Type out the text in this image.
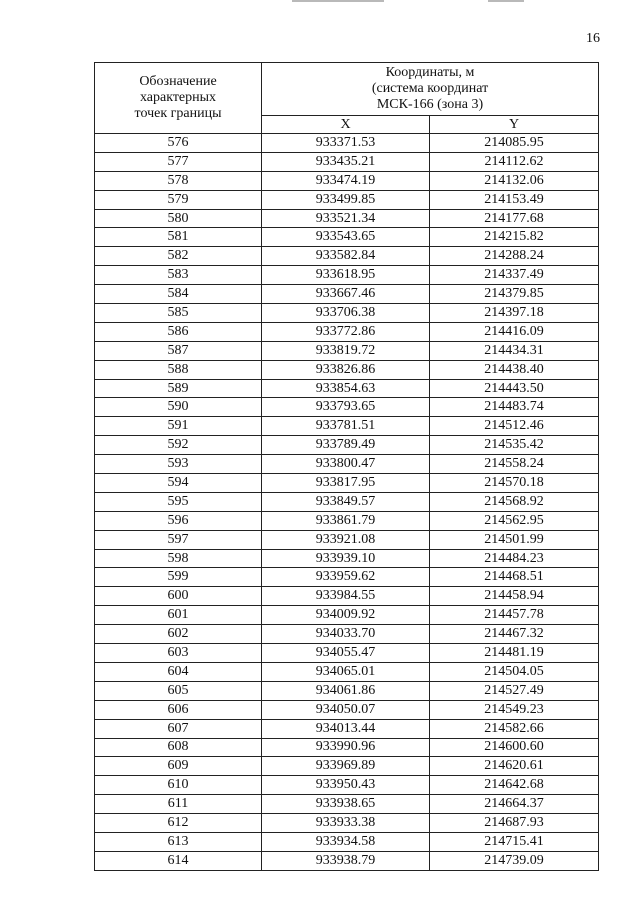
16
Обозначение
характерных
точек границы	Координаты, м
(система координат
МСК-166 (зона 3)	

	X	Y
576	933371.53	214085.95
577	933435.21	214112.62
578	933474.19	214132.06
579	933499.85	214153.49
580	933521.34	214177.68
581	933543.65	214215.82
582	933582.84	214288.24
583	933618.95	214337.49
584	933667.46	214379.85
585	933706.38	214397.18
586	933772.86	214416.09
587	933819.72	214434.31
588	933826.86	214438.40
589	933854.63	214443.50
590	933793.65	214483.74
591	933781.51	214512.46
592	933789.49	214535.42
593	933800.47	214558.24
594	933817.95	214570.18
595	933849.57	214568.92
596	933861.79	214562.95
597	933921.08	214501.99
598	933939.10	214484.23
599	933959.62	214468.51
600	933984.55	214458.94
601	934009.92	214457.78
602	934033.70	214467.32
603	934055.47	214481.19
604	934065.01	214504.05
605	934061.86	214527.49
606	934050.07	214549.23
607	934013.44	214582.66
608	933990.96	214600.60
609	933969.89	214620.61
610	933950.43	214642.68
611	933938.65	214664.37
612	933933.38	214687.93
613	933934.58	214715.41
614	933938.79	214739.09
